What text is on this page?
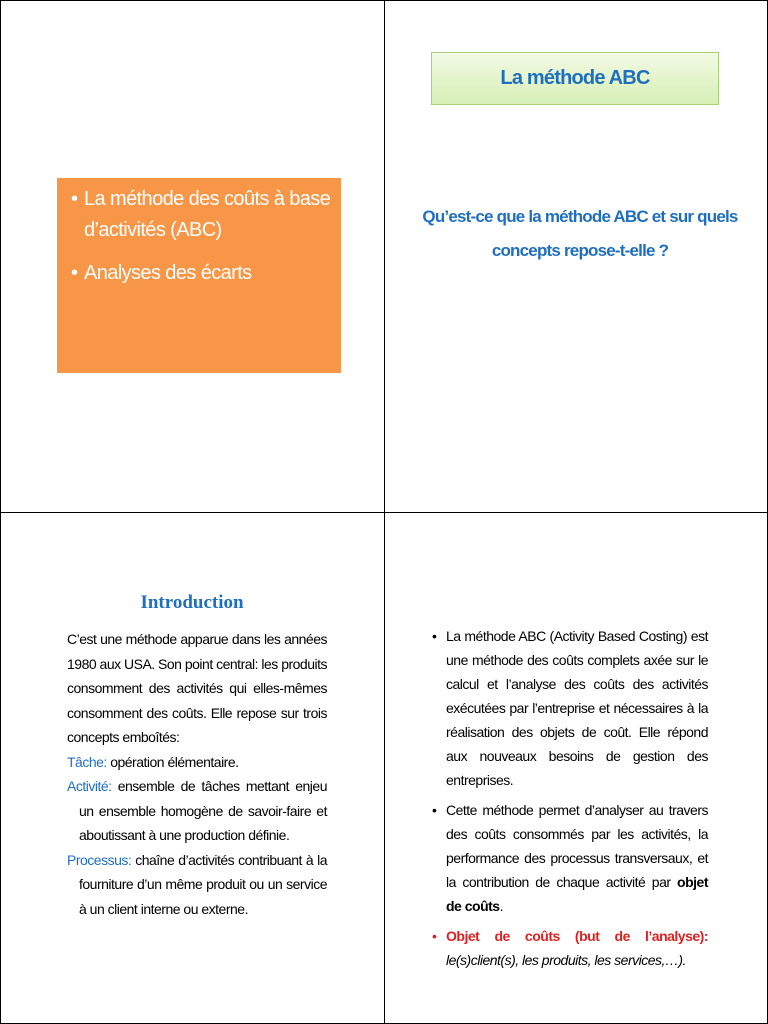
• La méthode des coûts à base d’activités (ABC)
• Analyses des écarts
La méthode ABC
Qu’est-ce que la méthode ABC et sur quels concepts repose-t-elle ?
Introduction

C’est une méthode apparue dans les années 1980 aux USA. Son point central: les produits consomment des activités qui elles-mêmes consomment des coûts. Elle repose sur trois concepts emboîtés:

Tâche: opération élémentaire.

Activité: ensemble de tâches mettant enjeu un ensemble homogène de savoir-faire et aboutissant à une production définie.

Processus: chaîne d’activités contribuant à la fourniture d’un même produit ou un service à un client interne ou externe.

• La méthode ABC (Activity Based Costing) est une méthode des coûts complets axée sur le calcul et l’analyse des coûts des activités exécutées par l’entreprise et nécessaires à la réalisation des objets de coût. Elle répond aux nouveaux besoins de gestion des entreprises.
• Cette méthode permet d’analyser au travers des coûts consommés par les activités, la performance des processus transversaux, et la contribution de chaque activité par objet de coûts.
• Objet de coûts (but de l’analyse): le(s)client(s), les produits, les services,…).
